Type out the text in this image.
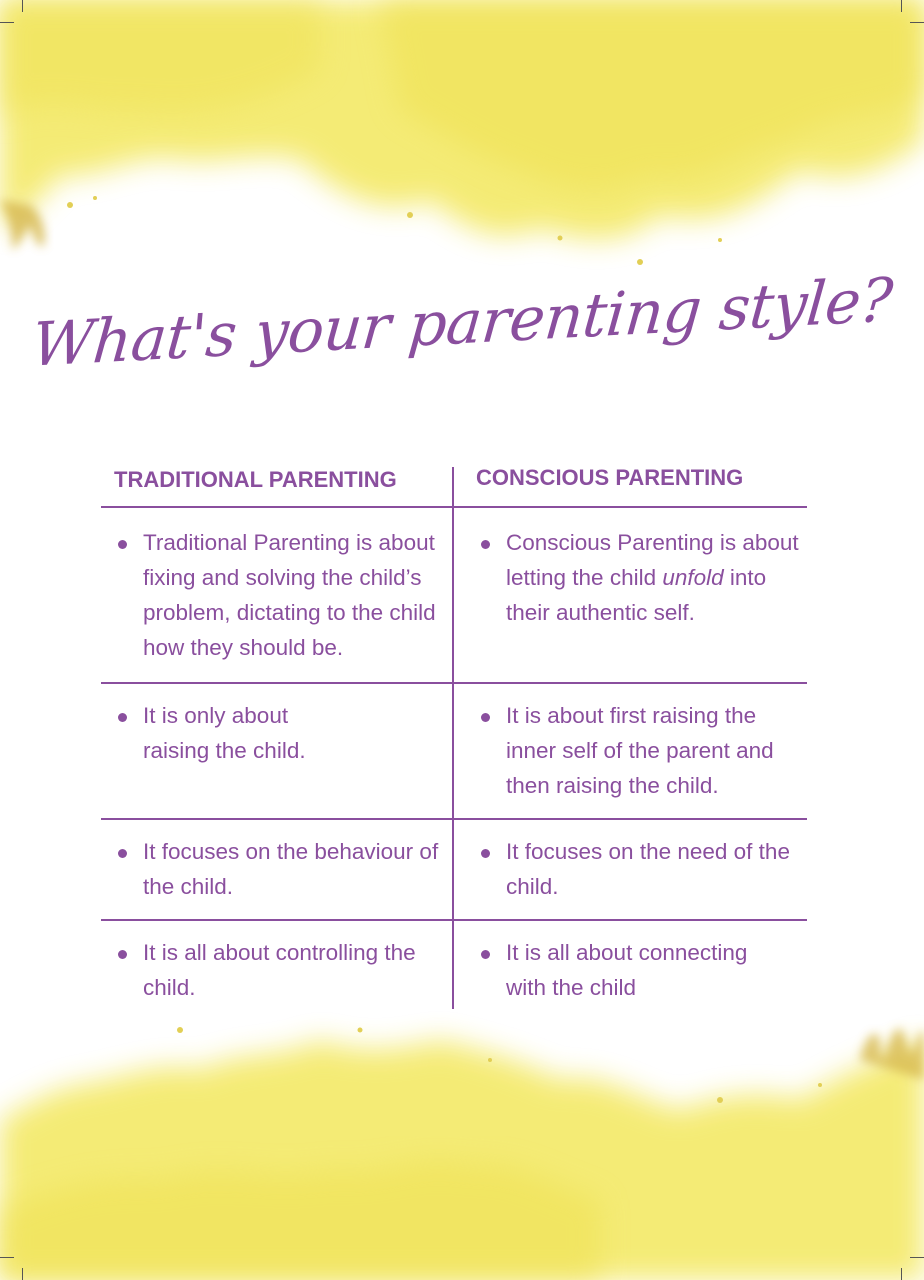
What's your parenting style?
TRADITIONAL PARENTING	CONSCIOUS PARENTING
Traditional Parenting is about fixing and solving the child’s problem, dictating to the child how they should be.
Conscious Parenting is about letting the child unfold into their authentic self.
It is only about raising the child.
It is about first raising the inner self of the parent and then raising the child.
It focuses on the behaviour of the child.
It focuses on the need of the child.
It is all about controlling the child.
It is all about connecting with the child
